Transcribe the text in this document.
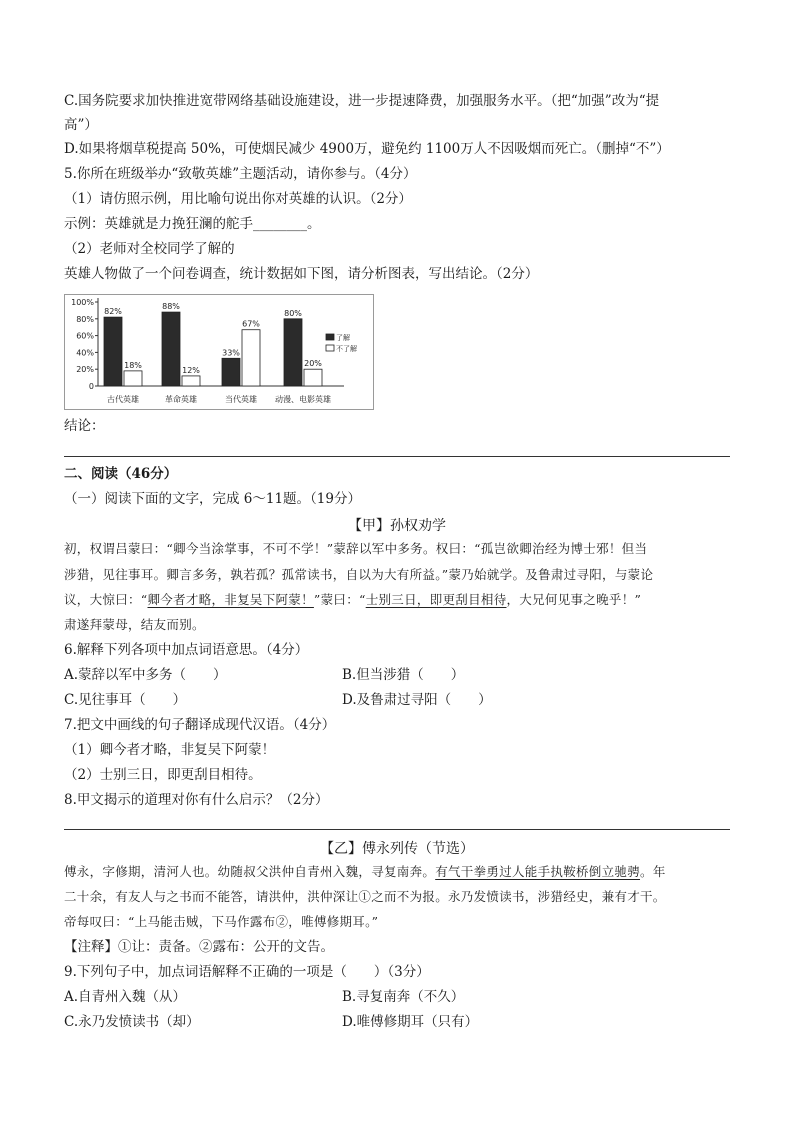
C.国务院要求加快推进宽带网络基础设施建设，进一步提速降费，加强服务水平。（把“加强”改为“提
高”）
D.如果将烟草税提高 50%，可使烟民减少 4900万，避免约 1100万人不因吸烟而死亡。（删掉“不”）
5.你所在班级举办“致敬英雄”主题活动，请你参与。（4分）
（1）请仿照示例，用比喻句说出你对英雄的认识。（2分）
示例：英雄就是力挽狂澜的舵手________。
（2）老师对全校同学了解的
英雄人物做了一个问卷调查，统计数据如下图，请分析图表，写出结论。（2分）
100%
80%
60%
40%
20%
0
82%
18%
古代英雄
88%
12%
革命英雄
33%
67%
当代英雄
80%
20%
动漫、电影英雄
了解
不了解
结论：
二、阅读（46分）
（一）阅读下面的文字，完成 6～11题。（19分）
【甲】孙权劝学
初，权谓吕蒙曰：“卿今当涂掌事，不可不学！”蒙辞以军中多务。权曰：“孤岂欲卿治经为博士邪！但当
涉猎，见往事耳。卿言多务，孰若孤？孤常读书，自以为大有所益。”蒙乃始就学。及鲁肃过寻阳，与蒙论
议，大惊曰：“卿今者才略，非复吴下阿蒙！”蒙曰：“士别三日，即更刮目相待，大兄何见事之晚乎！”
肃遂拜蒙母，结友而别。
6.解释下列各项中加点词语意思。（4分）
A.蒙辞以军中多务（　　）	B.但当涉猎（　　）
C.见往事耳（　　）	D.及鲁肃过寻阳（　　）
7.把文中画线的句子翻译成现代汉语。（4分）
（1）卿今者才略，非复吴下阿蒙！
（2）士别三日，即更刮目相待。
8.甲文揭示的道理对你有什么启示？（2分）
【乙】傅永列传（节选）
傅永，字修期，清河人也。幼随叔父洪仲自青州入魏，寻复南奔。有气干拳勇过人能手执鞍桥倒立驰骋。年
二十余，有友人与之书而不能答，请洪仲，洪仲深让①之而不为报。永乃发愤读书，涉猎经史，兼有才干。
帝每叹曰：“上马能击贼，下马作露布②，唯傅修期耳。”
【注释】①让：责备。②露布：公开的文告。
9.下列句子中，加点词语解释不正确的一项是（　　）（3分）
A.自青州入魏（从）	B.寻复南奔（不久）
C.永乃发愤读书（却）	D.唯傅修期耳（只有）
